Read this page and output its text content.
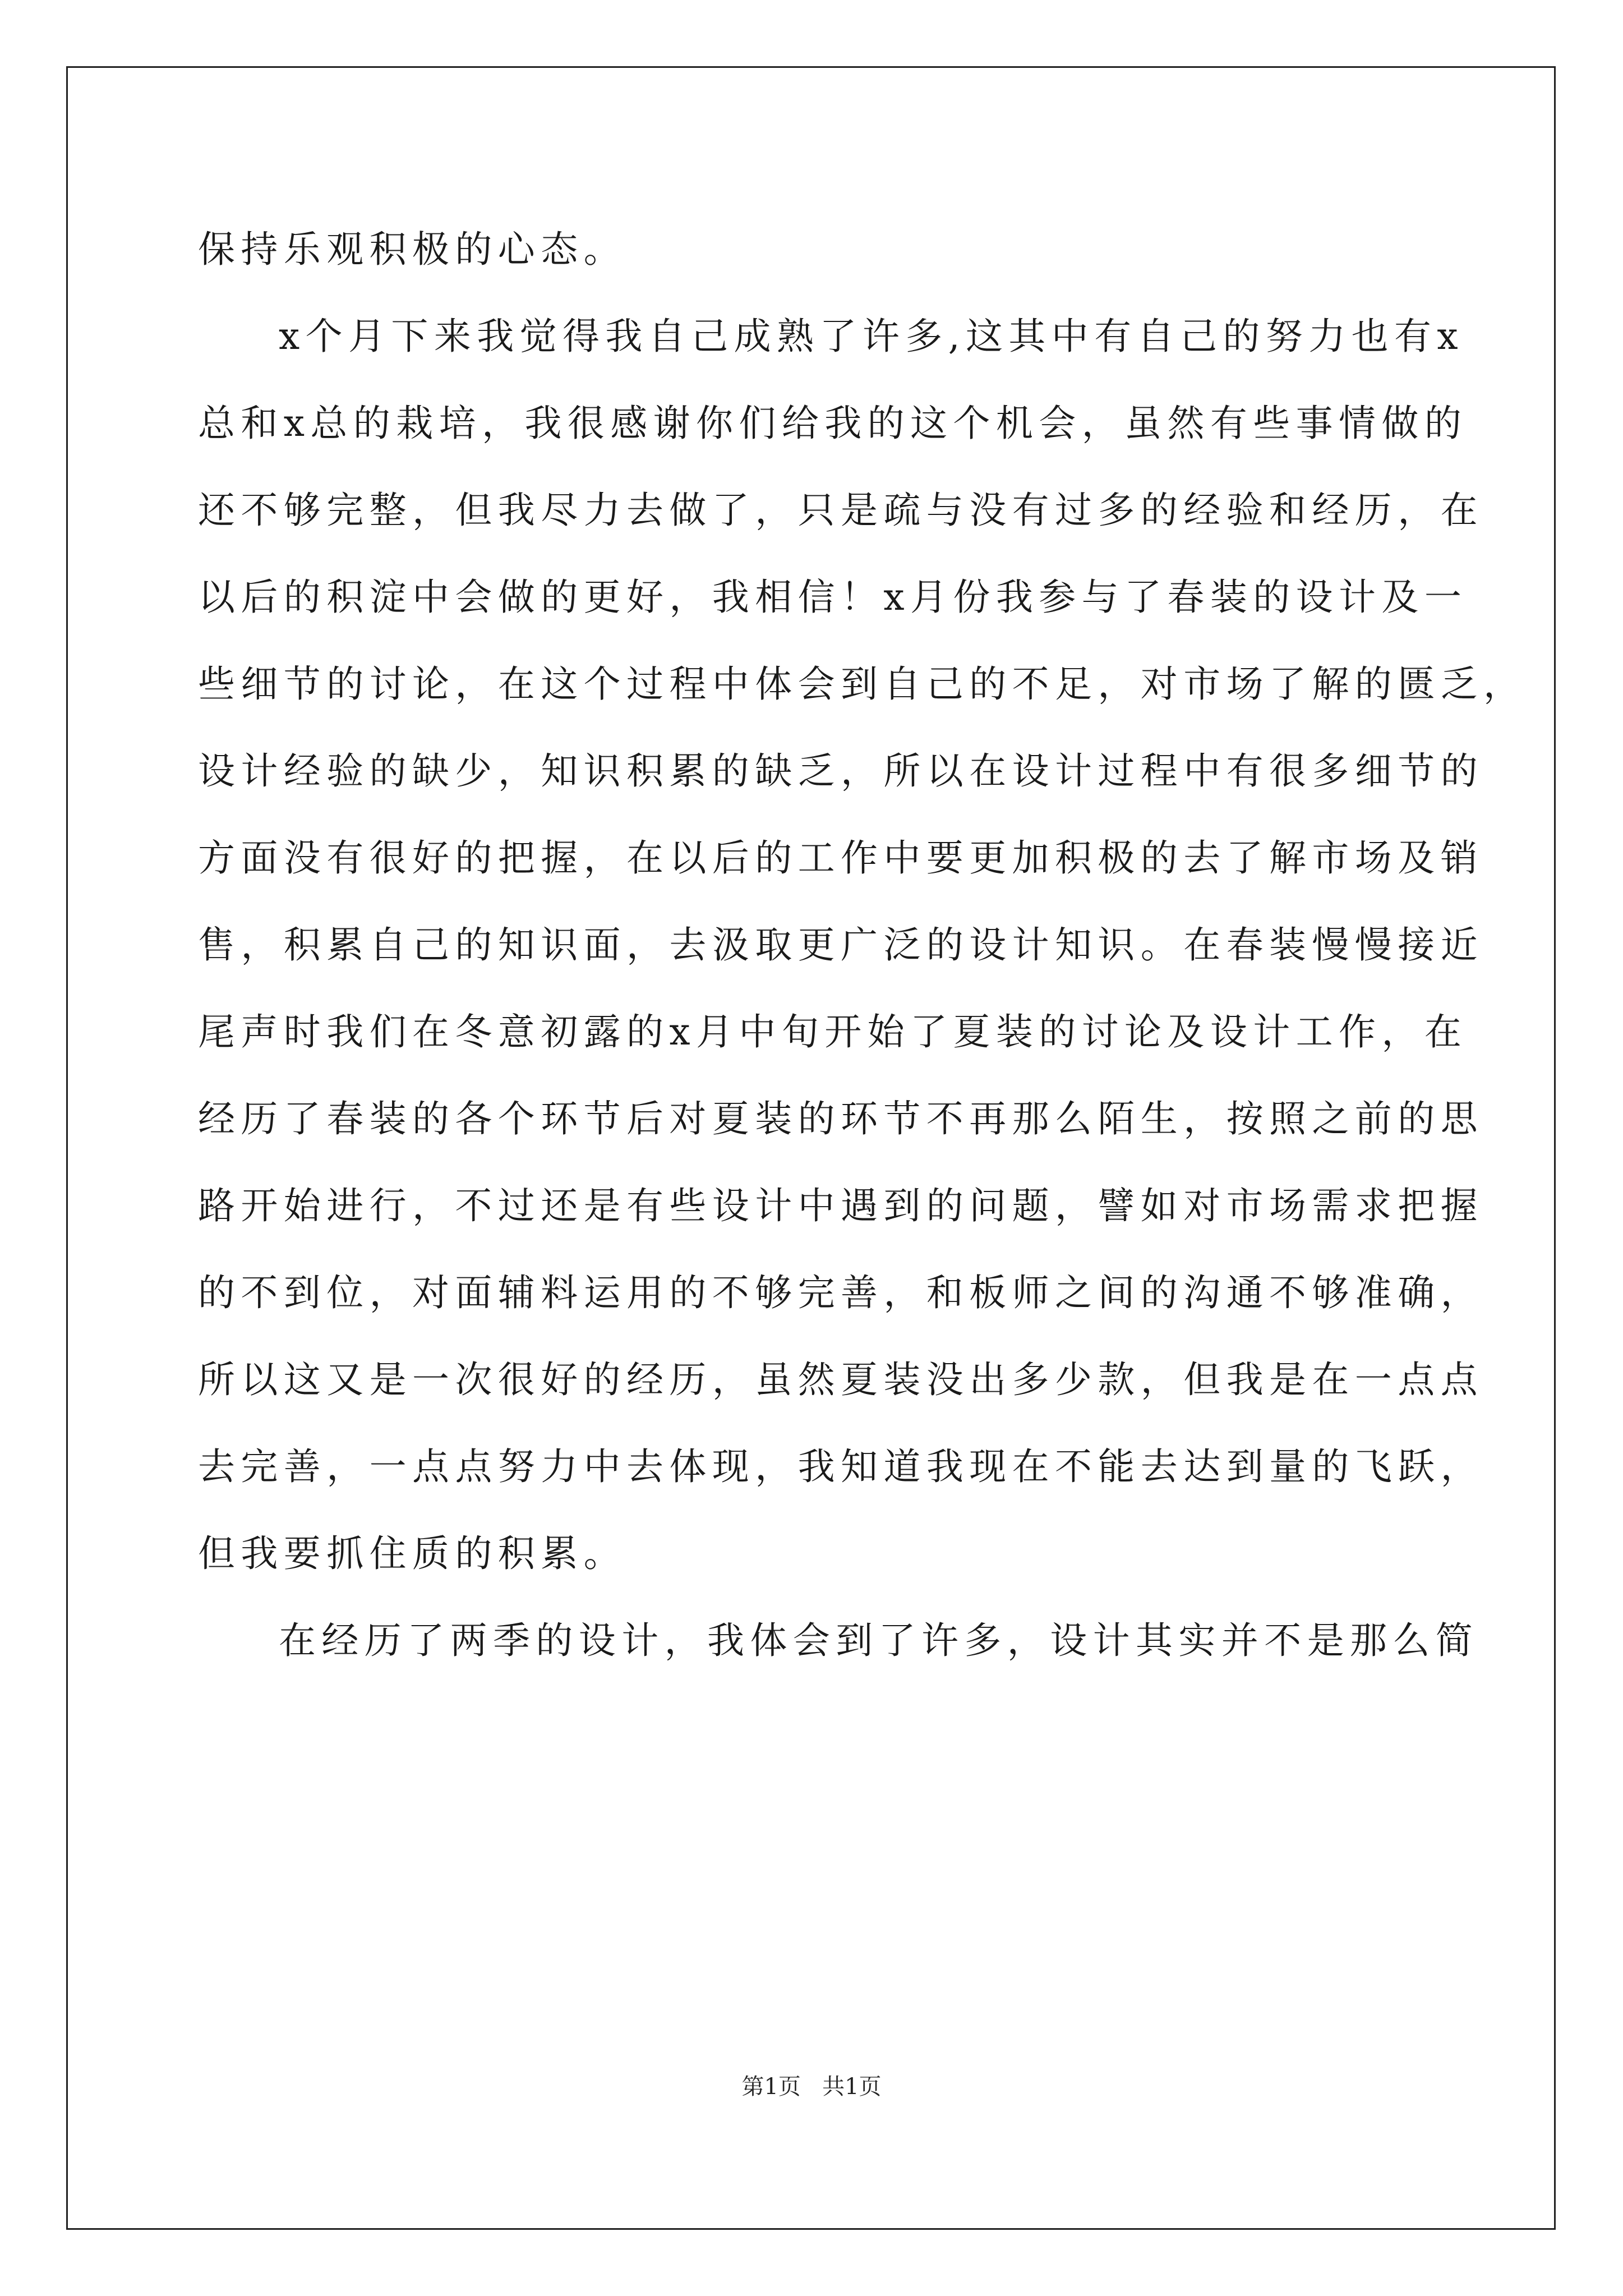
保持乐观积极的心态。
x个月下来我觉得我自己成熟了许多,这其中有自己的努力也有x
总和x总的栽培，我很感谢你们给我的这个机会，虽然有些事情做的
还不够完整，但我尽力去做了，只是疏与没有过多的经验和经历，在
以后的积淀中会做的更好，我相信！x月份我参与了春装的设计及一
些细节的讨论，在这个过程中体会到自己的不足，对市场了解的匮乏，
设计经验的缺少，知识积累的缺乏，所以在设计过程中有很多细节的
方面没有很好的把握，在以后的工作中要更加积极的去了解市场及销
售，积累自己的知识面，去汲取更广泛的设计知识。在春装慢慢接近
尾声时我们在冬意初露的x月中旬开始了夏装的讨论及设计工作，在
经历了春装的各个环节后对夏装的环节不再那么陌生，按照之前的思
路开始进行，不过还是有些设计中遇到的问题，譬如对市场需求把握
的不到位，对面辅料运用的不够完善，和板师之间的沟通不够准确，
所以这又是一次很好的经历，虽然夏装没出多少款，但我是在一点点
去完善，一点点努力中去体现，我知道我现在不能去达到量的飞跃，
但我要抓住质的积累。
在经历了两季的设计，我体会到了许多，设计其实并不是那么简
第1页 共1页
